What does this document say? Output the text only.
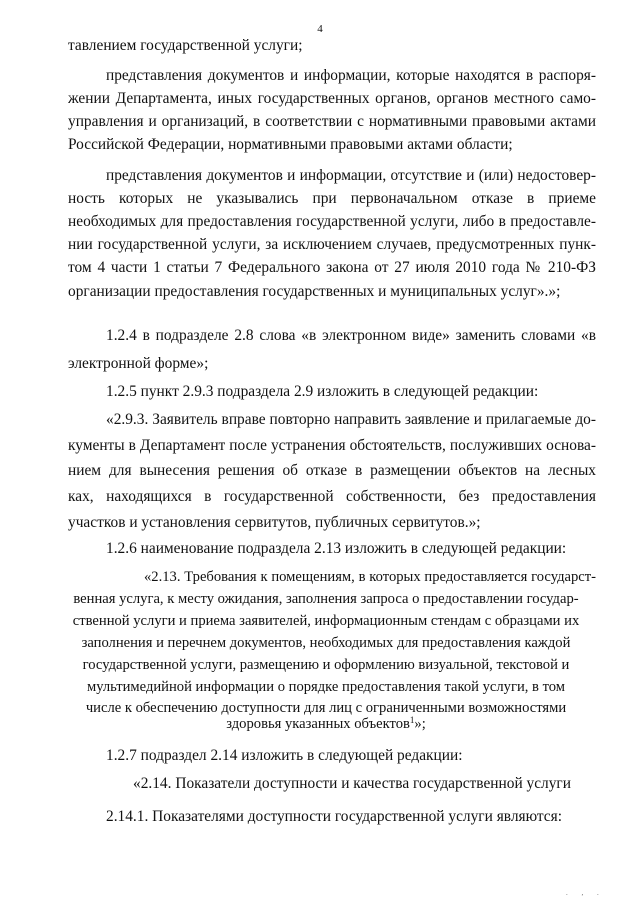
4
тавлением государственной услуги;
представления документов и информации, которые находятся в распоря-
жении Департамента, иных государственных органов, органов местного само-
управления и организаций, в соответствии с нормативными правовыми актами
Российской Федерации, нормативными правовыми актами области;
представления документов и информации, отсутствие и (или) недостовер-
ность которых не указывались при первоначальном отказе в приеме
необходимых для предоставления государственной услуги, либо в предоставле-
нии государственной услуги, за исключением случаев, предусмотренных пунк-
том 4 части 1 статьи 7 Федерального закона от 27 июля 2010 года № 210-ФЗ
организации предоставления государственных и муниципальных услуг».»;
1.2.4 в подразделе 2.8 слова «в электронном виде» заменить словами «в
электронной форме»;
1.2.5 пункт 2.9.3 подраздела 2.9 изложить в следующей редакции:
«2.9.3. Заявитель вправе повторно направить заявление и прилагаемые до-
кументы в Департамент после устранения обстоятельств, послуживших основа-
нием для вынесения решения об отказе в размещении объектов на лесных
ках, находящихся в государственной собственности, без предоставления
участков и установления сервитутов, публичных сервитутов.»;
1.2.6 наименование подраздела 2.13 изложить в следующей редакции:
«2.13. Требования к помещениям, в которых предоставляется государст-
венная услуга, к месту ожидания, заполнения запроса о предоставлении государ-
ственной услуги и приема заявителей, информационным стендам с образцами их
заполнения и перечнем документов, необходимых для предоставления каждой
государственной услуги, размещению и оформлению визуальной, текстовой и
мультимедийной информации о порядке предоставления такой услуги, в том
числе к обеспечению доступности для лиц с ограниченными возможностями
здоровья указанных объектов$^1$»;
1.2.7 подраздел 2.14 изложить в следующей редакции:
«2.14. Показатели доступности и качества государственной услуги
2.14.1. Показателями доступности государственной услуги являются:
. , .
